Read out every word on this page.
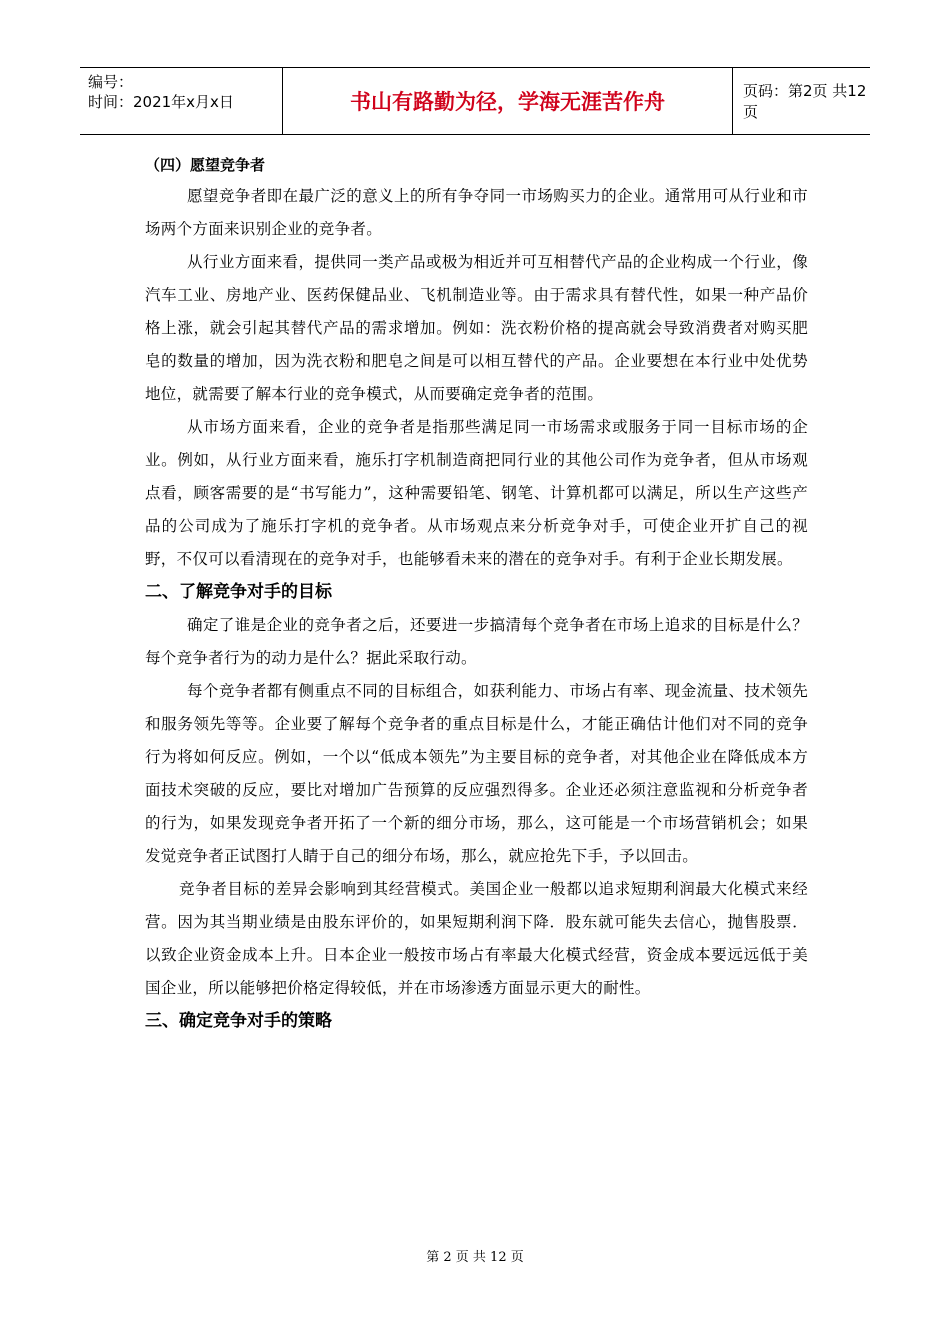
编号：
时间：2021年x月x日	书山有路勤为径，学海无涯苦作舟	页码：第2页 共12页
（四）愿望竞争者

愿望竞争者即在最广泛的意义上的所有争夺同一市场购买力的企业。通常用可从行业和市场两个方面来识别企业的竞争者。

从行业方面来看，提供同一类产品或极为相近并可互相替代产品的企业构成一个行业，像汽车工业、房地产业、医药保健品业、飞机制造业等。由于需求具有替代性，如果一种产品价格上涨，就会引起其替代产品的需求增加。例如：洗衣粉价格的提高就会导致消费者对购买肥皂的数量的增加，因为洗衣粉和肥皂之间是可以相互替代的产品。企业要想在本行业中处优势地位，就需要了解本行业的竞争模式，从而要确定竞争者的范围。

从市场方面来看，企业的竞争者是指那些满足同一市场需求或服务于同一目标市场的企业。例如，从行业方面来看，施乐打字机制造商把同行业的其他公司作为竞争者，但从市场观点看，顾客需要的是“书写能力”，这种需要铅笔、钢笔、计算机都可以满足，所以生产这些产品的公司成为了施乐打字机的竞争者。从市场观点来分析竞争对手，可使企业开扩自己的视野，不仅可以看清现在的竞争对手，也能够看未来的潜在的竞争对手。有利于企业长期发展。

二、了解竞争对手的目标

确定了谁是企业的竞争者之后，还要进一步搞清每个竞争者在市场上追求的目标是什么？每个竞争者行为的动力是什么？据此采取行动。

每个竞争者都有侧重点不同的目标组合，如获利能力、市场占有率、现金流量、技术领先和服务领先等等。企业要了解每个竞争者的重点目标是什么，才能正确估计他们对不同的竞争行为将如何反应。例如，一个以“低成本领先”为主要目标的竞争者，对其他企业在降低成本方面技术突破的反应，要比对增加广告预算的反应强烈得多。企业还必须注意监视和分析竞争者的行为，如果发现竞争者开拓了一个新的细分市场，那么，这可能是一个市场营销机会；如果发觉竞争者正试图打人睛于自己的细分布场，那么，就应抢先下手，予以回击。

竞争者目标的差异会影响到其经营模式。美国企业一般都以追求短期利润最大化模式来经营。因为其当期业绩是由股东评价的，如果短期利润下降．股东就可能失去信心，抛售股票．以致企业资金成本上升。日本企业一般按市场占有率最大化模式经营，资金成本要远远低于美国企业，所以能够把价格定得较低，并在市场渗透方面显示更大的耐性。

三、确定竞争对手的策略
第 2 页 共 12 页
